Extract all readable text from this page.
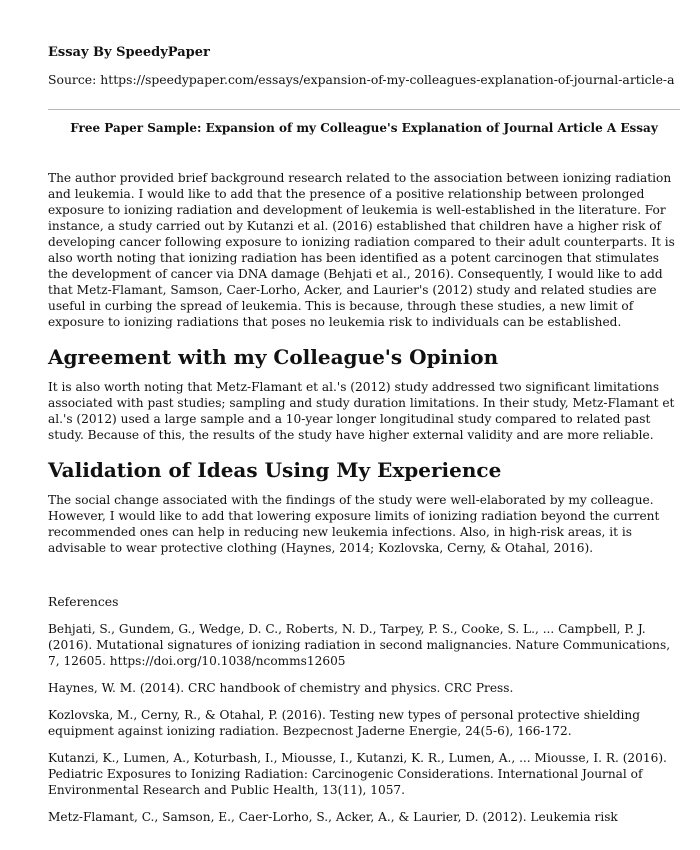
Essay By SpeedyPaper

Source: https://speedypaper.com/essays/expansion-of-my-colleagues-explanation-of-journal-article-a

Free Paper Sample: Expansion of my Colleague's Explanation of Journal Article A Essay

The author provided brief background research related to the association between ionizing radiation and leukemia. I would like to add that the presence of a positive relationship between prolonged exposure to ionizing radiation and development of leukemia is well-established in the literature. For instance, a study carried out by Kutanzi et al. (2016) established that children have a higher risk of developing cancer following exposure to ionizing radiation compared to their adult counterparts. It is also worth noting that ionizing radiation has been identified as a potent carcinogen that stimulates the development of cancer via DNA damage (Behjati et al., 2016). Consequently, I would like to add that Metz-Flamant, Samson, Caer-Lorho, Acker, and Laurier's (2012) study and related studies are useful in curbing the spread of leukemia. This is because, through these studies, a new limit of exposure to ionizing radiations that poses no leukemia risk to individuals can be established.

Agreement with my Colleague's Opinion

It is also worth noting that Metz-Flamant et al.'s (2012) study addressed two significant limitations associated with past studies; sampling and study duration limitations. In their study, Metz-Flamant et al.'s (2012) used a large sample and a 10-year longer longitudinal study compared to related past study. Because of this, the results of the study have higher external validity and are more reliable.

Validation of Ideas Using My Experience

The social change associated with the findings of the study were well-elaborated by my colleague. However, I would like to add that lowering exposure limits of ionizing radiation beyond the current recommended ones can help in reducing new leukemia infections. Also, in high-risk areas, it is advisable to wear protective clothing (Haynes, 2014; Kozlovska, Cerny, & Otahal, 2016).

References

Behjati, S., Gundem, G., Wedge, D. C., Roberts, N. D., Tarpey, P. S., Cooke, S. L., ... Campbell, P. J. (2016). Mutational signatures of ionizing radiation in second malignancies. Nature Communications, 7, 12605. https://doi.org/10.1038/ncomms12605

Haynes, W. M. (2014). CRC handbook of chemistry and physics. CRC Press.

Kozlovska, M., Cerny, R., & Otahal, P. (2016). Testing new types of personal protective shielding equipment against ionizing radiation. Bezpecnost Jaderne Energie, 24(5-6), 166-172.

Kutanzi, K., Lumen, A., Koturbash, I., Miousse, I., Kutanzi, K. R., Lumen, A., ... Miousse, I. R. (2016). Pediatric Exposures to Ionizing Radiation: Carcinogenic Considerations. International Journal of Environmental Research and Public Health, 13(11), 1057.

Metz-Flamant, C., Samson, E., Caer-Lorho, S., Acker, A., & Laurier, D. (2012). Leukemia risk
